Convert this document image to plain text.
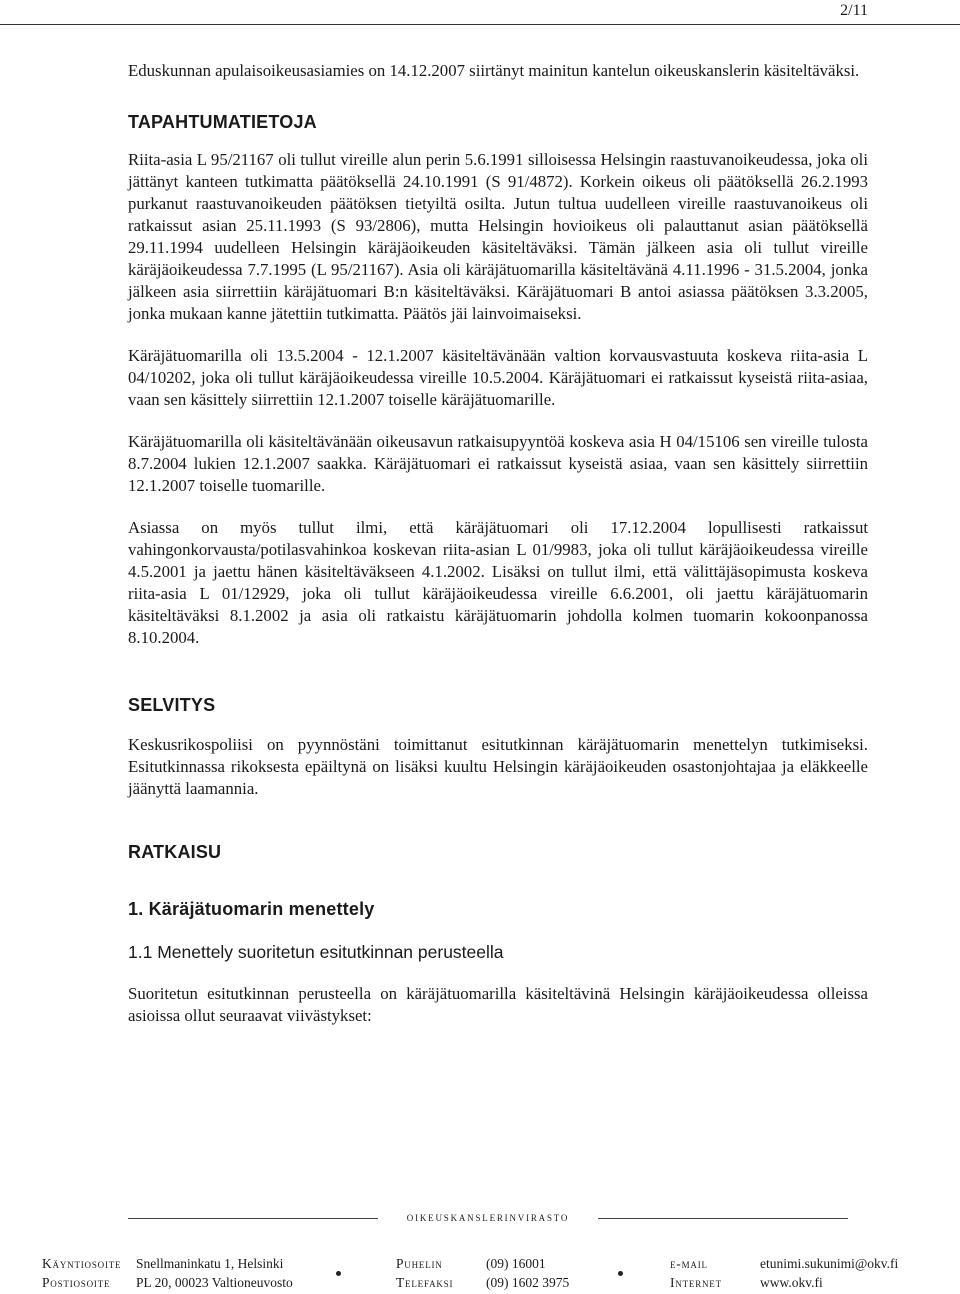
2/11

Eduskunnan apulaisoikeusasiamies on 14.12.2007 siirtänyt mainitun kantelun oikeuskanslerin käsiteltäväksi.

TAPAHTUMATIETOJA

Riita-asia L 95/21167 oli tullut vireille alun perin 5.6.1991 silloisessa Helsingin raastuvanoikeudessa, joka oli jättänyt kanteen tutkimatta päätöksellä 24.10.1991 (S 91/4872). Korkein oikeus oli päätöksellä 26.2.1993 purkanut raastuvanoikeuden päätöksen tietyiltä osilta. Jutun tultua uudelleen vireille raastuvanoikeus oli ratkaissut asian 25.11.1993 (S 93/2806), mutta Helsingin hovioikeus oli palauttanut asian päätöksellä 29.11.1994 uudelleen Helsingin käräjäoikeuden käsiteltäväksi. Tämän jälkeen asia oli tullut vireille käräjäoikeudessa 7.7.1995 (L 95/21167). Asia oli käräjätuomarilla käsiteltävänä 4.11.1996 - 31.5.2004, jonka jälkeen asia siirrettiin käräjätuomari B:n käsiteltäväksi. Käräjätuomari B antoi asiassa päätöksen 3.3.2005, jonka mukaan kanne jätettiin tutkimatta. Päätös jäi lainvoimaiseksi.

Käräjätuomarilla oli 13.5.2004 - 12.1.2007 käsiteltävänään valtion korvausvastuuta koskeva riita-asia L 04/10202, joka oli tullut käräjäoikeudessa vireille 10.5.2004. Käräjätuomari ei ratkaissut kyseistä riita-asiaa, vaan sen käsittely siirrettiin 12.1.2007 toiselle käräjätuomarille.

Käräjätuomarilla oli käsiteltävänään oikeusavun ratkaisupyyntöä koskeva asia H 04/15106 sen vireille tulosta 8.7.2004 lukien 12.1.2007 saakka. Käräjätuomari ei ratkaissut kyseistä asiaa, vaan sen käsittely siirrettiin 12.1.2007 toiselle tuomarille.

Asiassa on myös tullut ilmi, että käräjätuomari oli 17.12.2004 lopullisesti ratkaissut vahingonkorvausta/potilasvahinkoa koskevan riita-asian L 01/9983, joka oli tullut käräjäoikeudessa vireille 4.5.2001 ja jaettu hänen käsiteltäväkseen 4.1.2002. Lisäksi on tullut ilmi, että välittäjäsopimusta koskeva riita-asia L 01/12929, joka oli tullut käräjäoikeudessa vireille 6.6.2001, oli jaettu käräjätuomarin käsiteltäväksi 8.1.2002 ja asia oli ratkaistu käräjätuomarin johdolla kolmen tuomarin kokoonpanossa 8.10.2004.

SELVITYS

Keskusrikospoliisi on pyynnöstäni toimittanut esitutkinnan käräjätuomarin menettelyn tutkimiseksi. Esitutkinnassa rikoksesta epäiltynä on lisäksi kuultu Helsingin käräjäoikeuden osastonjohtajaa ja eläkkeelle jäänyttä laamannia.

RATKAISU
1. Käräjätuomarin menettely
1.1 Menettely suoritetun esitutkinnan perusteella

Suoritetun esitutkinnan perusteella on käräjätuomarilla käsiteltävinä Helsingin käräjäoikeudessa olleissa asioissa ollut seuraavat viivästykset:

oikeuskanslerinvirasto
Käyntiosoite Snellmaninkatu 1, Helsinki	Puhelin	(09) 16001	e-mail	etunimi.sukunimi@okv.fi
Postiosoite PL 20, 00023 Valtioneuvosto	Telefaksi (09) 1602 3975	Internet	www.okv.fi
